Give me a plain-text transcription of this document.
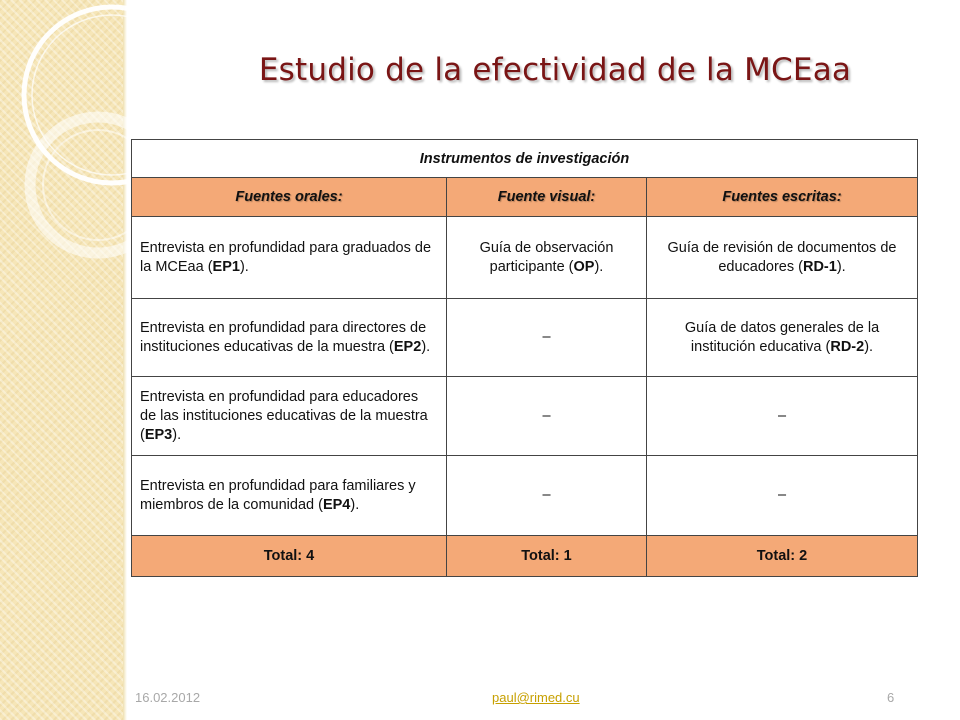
Estudio de la efectividad de la MCEaa
Instrumentos de investigación		
Fuentes orales:	Fuente visual:	Fuentes escritas:
Entrevista en profundidad para graduados de la MCEaa (EP1).	Guía de observación participante (OP).	Guía de revisión de documentos de educadores (RD-1).
Entrevista en profundidad para directores de instituciones educativas de la muestra (EP2).	–	Guía de datos generales de la institución educativa (RD-2).
Entrevista en profundidad para educadores de las instituciones educativas de la muestra (EP3).	–	–
Entrevista en profundidad para familiares y miembros de la comunidad (EP4).	–	–
Total: 4	Total: 1	Total: 2
16.02.2012	paul@rimed.cu	6
